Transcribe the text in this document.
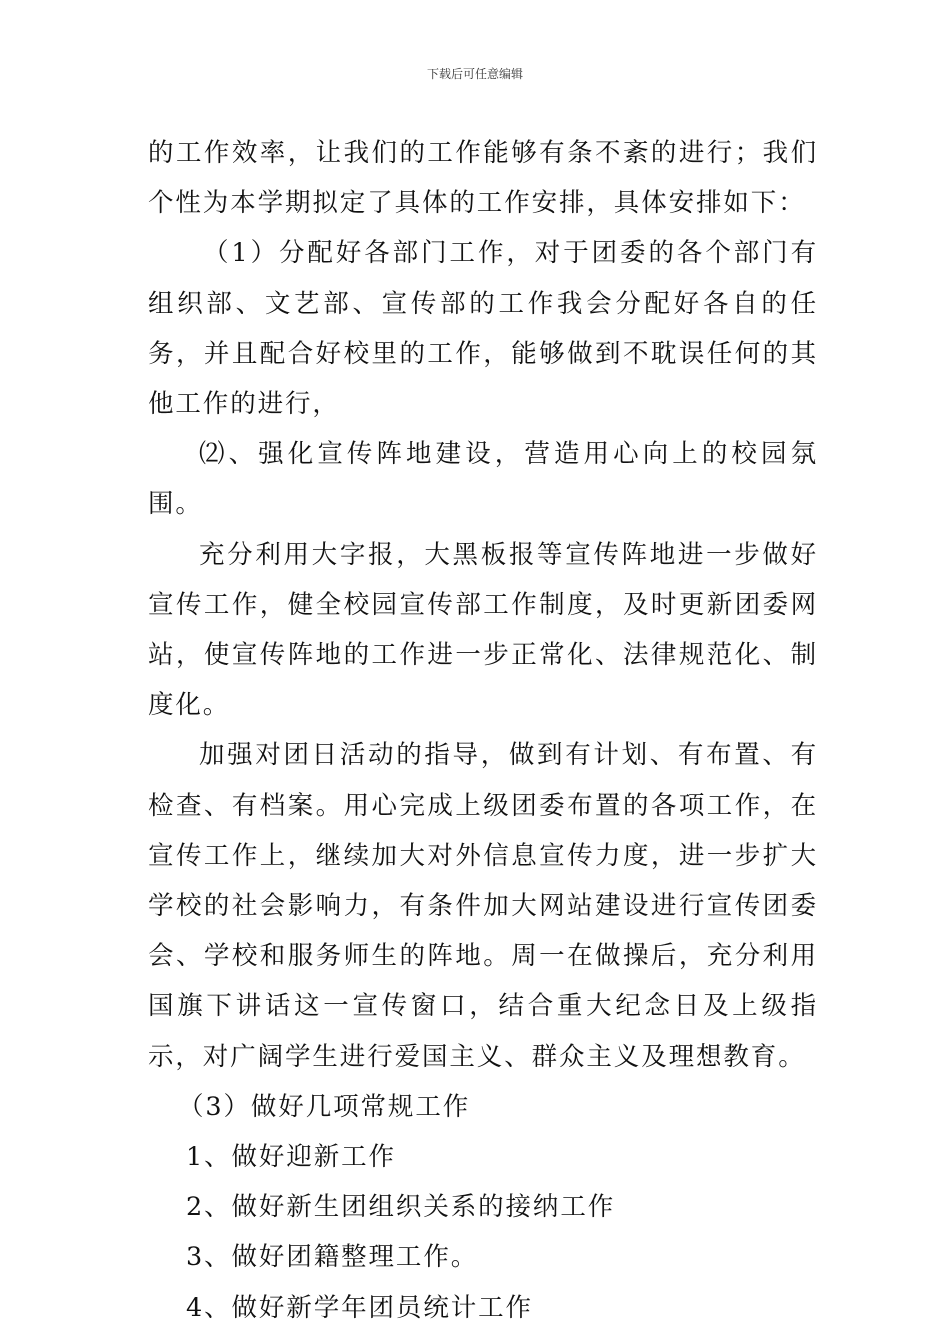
下载后可任意编辑

的工作效率，让我们的工作能够有条不紊的进行；我们个性为本学期拟定了具体的工作安排，具体安排如下：

（1）分配好各部门工作，对于团委的各个部门有组织部、文艺部、宣传部的工作我会分配好各自的任务，并且配合好校里的工作，能够做到不耽误任何的其他工作的进行，

⑵、强化宣传阵地建设，营造用心向上的校园氛围。

充分利用大字报，大黑板报等宣传阵地进一步做好宣传工作，健全校园宣传部工作制度，及时更新团委网站，使宣传阵地的工作进一步正常化、法律规范化、制度化。

加强对团日活动的指导，做到有计划、有布置、有检查、有档案。用心完成上级团委布置的各项工作，在宣传工作上，继续加大对外信息宣传力度，进一步扩大学校的社会影响力，有条件加大网站建设进行宣传团委会、学校和服务师生的阵地。周一在做操后，充分利用国旗下讲话这一宣传窗口，结合重大纪念日及上级指示，对广阔学生进行爱国主义、群众主义及理想教育。

（3）做好几项常规工作

1、做好迎新工作

2、做好新生团组织关系的接纳工作

3、做好团籍整理工作。

4、做好新学年团员统计工作
